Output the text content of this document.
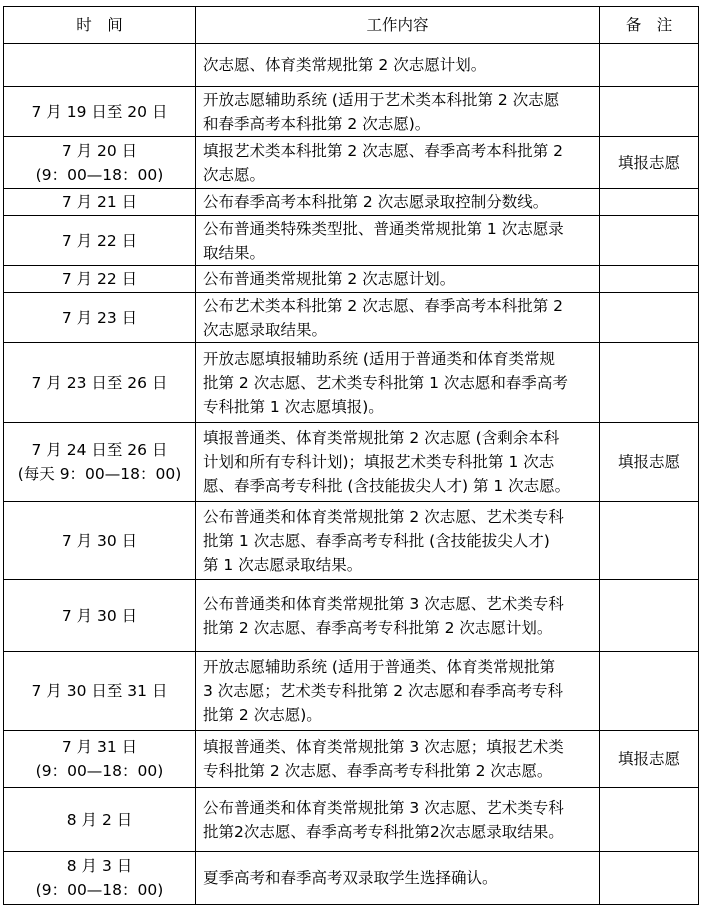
时　间	工作内容	备　注

	次志愿、体育类常规批第 2 次志愿计划。	

7 月 19 日至 20 日	开放志愿辅助系统 (适用于艺术类本科批第 2 次志愿
和春季高考本科批第 2 次志愿)。	

7 月 20 日
(9：00—18：00)	填报艺术类本科批第 2 次志愿、春季高考本科批第 2
次志愿。	填报志愿

7 月 21 日	公布春季高考本科批第 2 次志愿录取控制分数线。	

7 月 22 日	公布普通类特殊类型批、普通类常规批第 1 次志愿录
取结果。	

7 月 22 日	公布普通类常规批第 2 次志愿计划。	

7 月 23 日	公布艺术类本科批第 2 次志愿、春季高考本科批第 2
次志愿录取结果。	

7 月 23 日至 26 日	开放志愿填报辅助系统 (适用于普通类和体育类常规
批第 2 次志愿、艺术类专科批第 1 次志愿和春季高考
专科批第 1 次志愿填报)。	

7 月 24 日至 26 日
(每天 9：00—18：00)	填报普通类、体育类常规批第 2 次志愿 (含剩余本科
计划和所有专科计划)；填报艺术类专科批第 1 次志
愿、春季高考专科批 (含技能拔尖人才) 第 1 次志愿。	填报志愿

7 月 30 日	公布普通类和体育类常规批第 2 次志愿、艺术类专科
批第 1 次志愿、春季高考专科批 (含技能拔尖人才)
第 1 次志愿录取结果。	

7 月 30 日	公布普通类和体育类常规批第 3 次志愿、艺术类专科
批第 2 次志愿、春季高考专科批第 2 次志愿计划。	

7 月 30 日至 31 日	开放志愿辅助系统 (适用于普通类、体育类常规批第
3 次志愿；艺术类专科批第 2 次志愿和春季高考专科
批第 2 次志愿)。	

7 月 31 日
(9：00—18：00)	填报普通类、体育类常规批第 3 次志愿；填报艺术类
专科批第 2 次志愿、春季高考专科批第 2 次志愿。	填报志愿

8 月 2 日	公布普通类和体育类常规批第 3 次志愿、艺术类专科
批第2次志愿、春季高考专科批第2次志愿录取结果。	

8 月 3 日
(9：00—18：00)	夏季高考和春季高考双录取学生选择确认。	
